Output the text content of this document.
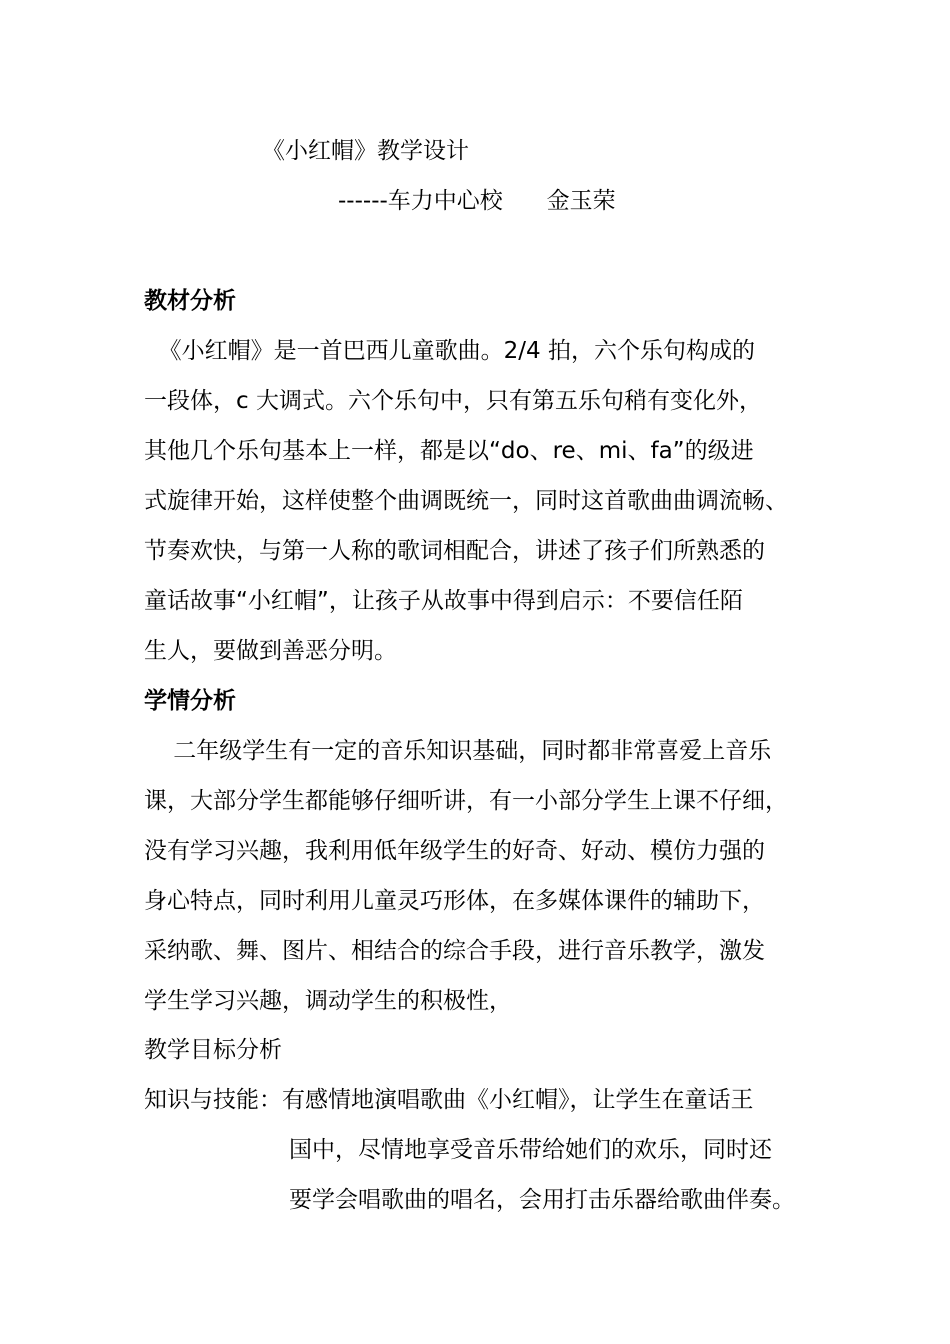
《小红帽》教学设计
------车力中心校      金玉荣
教材分析
《小红帽》是一首巴西儿童歌曲。2/4 拍，六个乐句构成的
一段体，c 大调式。六个乐句中，只有第五乐句稍有变化外，
其他几个乐句基本上一样，都是以“do、re、mi、fa”的级进
式旋律开始，这样使整个曲调既统一，同时这首歌曲曲调流畅、
节奏欢快，与第一人称的歌词相配合，讲述了孩子们所熟悉的
童话故事“小红帽”，让孩子从故事中得到启示：不要信任陌
生人，要做到善恶分明。
学情分析
二年级学生有一定的音乐知识基础，同时都非常喜爱上音乐
课，大部分学生都能够仔细听讲，有一小部分学生上课不仔细，
没有学习兴趣，我利用低年级学生的好奇、好动、模仿力强的
身心特点，同时利用儿童灵巧形体，在多媒体课件的辅助下，
采纳歌、舞、图片、相结合的综合手段，进行音乐教学，激发
学生学习兴趣，调动学生的积极性，
教学目标分析
知识与技能：有感情地演唱歌曲《小红帽》，让学生在童话王
国中，尽情地享受音乐带给她们的欢乐，同时还
要学会唱歌曲的唱名，会用打击乐器给歌曲伴奏。
